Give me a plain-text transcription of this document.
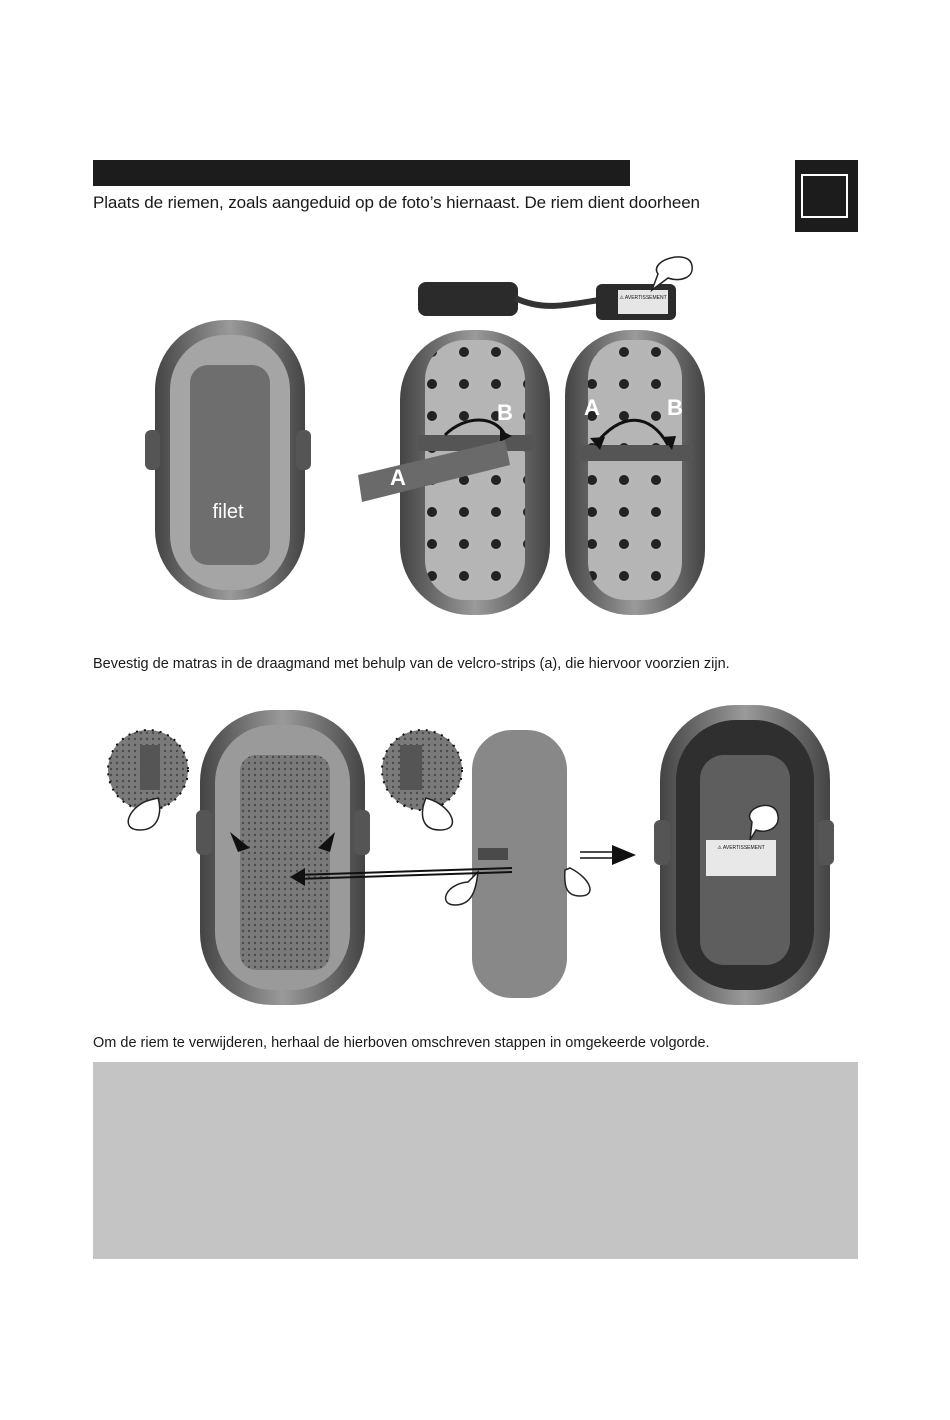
Plaats de riemen, zoals aangeduid op de foto’s hiernaast. De riem dient doorheen
filet
⚠ AVERTISSEMENT
A
B	A	B
Bevestig de matras in de draagmand met behulp van de velcro-strips (a), die hiervoor voorzien zijn.
⚠ AVERTISSEMENT
Om de riem te verwijderen, herhaal de hierboven omschreven stappen in omgekeerde volgorde.
